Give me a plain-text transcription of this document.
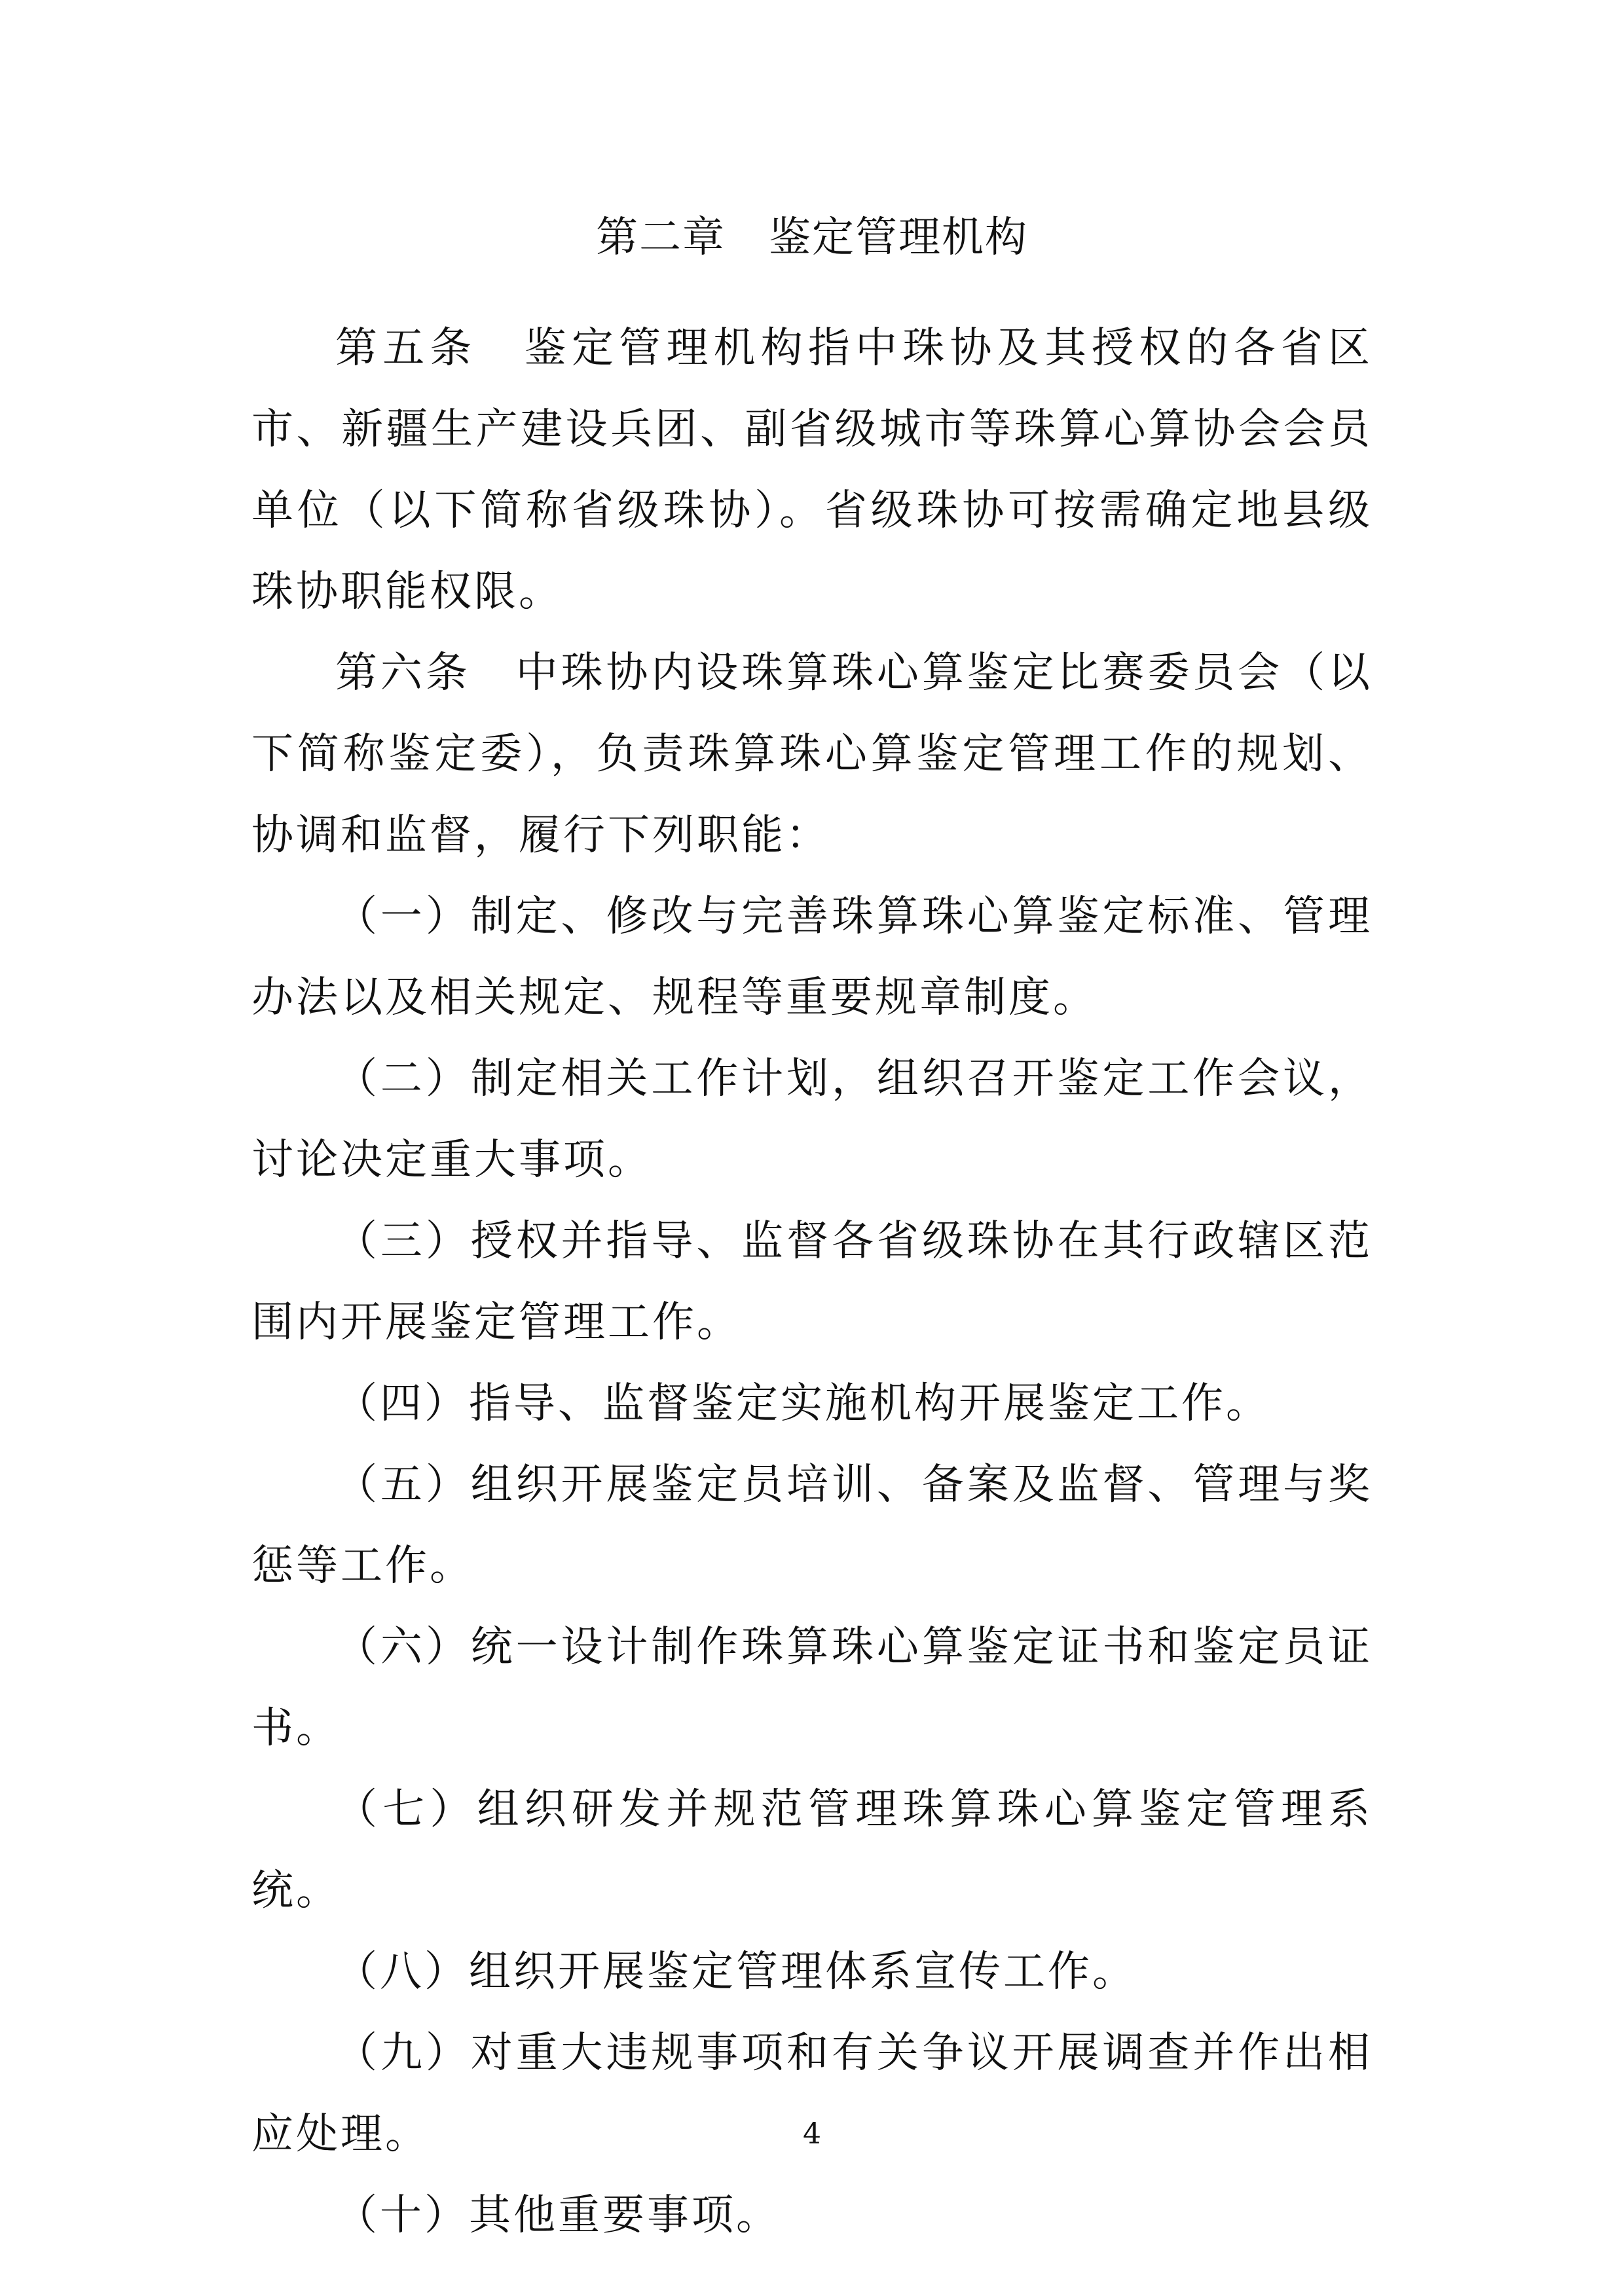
第二章　鉴定管理机构

第五条　鉴定管理机构指中珠协及其授权的各省区市、新疆生产建设兵团、副省级城市等珠算心算协会会员单位（以下简称省级珠协）。省级珠协可按需确定地县级珠协职能权限。

第六条　中珠协内设珠算珠心算鉴定比赛委员会（以下简称鉴定委），负责珠算珠心算鉴定管理工作的规划、协调和监督，履行下列职能：

（一）制定、修改与完善珠算珠心算鉴定标准、管理办法以及相关规定、规程等重要规章制度。

（二）制定相关工作计划，组织召开鉴定工作会议，讨论决定重大事项。

（三）授权并指导、监督各省级珠协在其行政辖区范围内开展鉴定管理工作。

（四）指导、监督鉴定实施机构开展鉴定工作。

（五）组织开展鉴定员培训、备案及监督、管理与奖惩等工作。

（六）统一设计制作珠算珠心算鉴定证书和鉴定员证书。

（七）组织研发并规范管理珠算珠心算鉴定管理系统。

（八）组织开展鉴定管理体系宣传工作。

（九）对重大违规事项和有关争议开展调查并作出相应处理。

（十）其他重要事项。

4
